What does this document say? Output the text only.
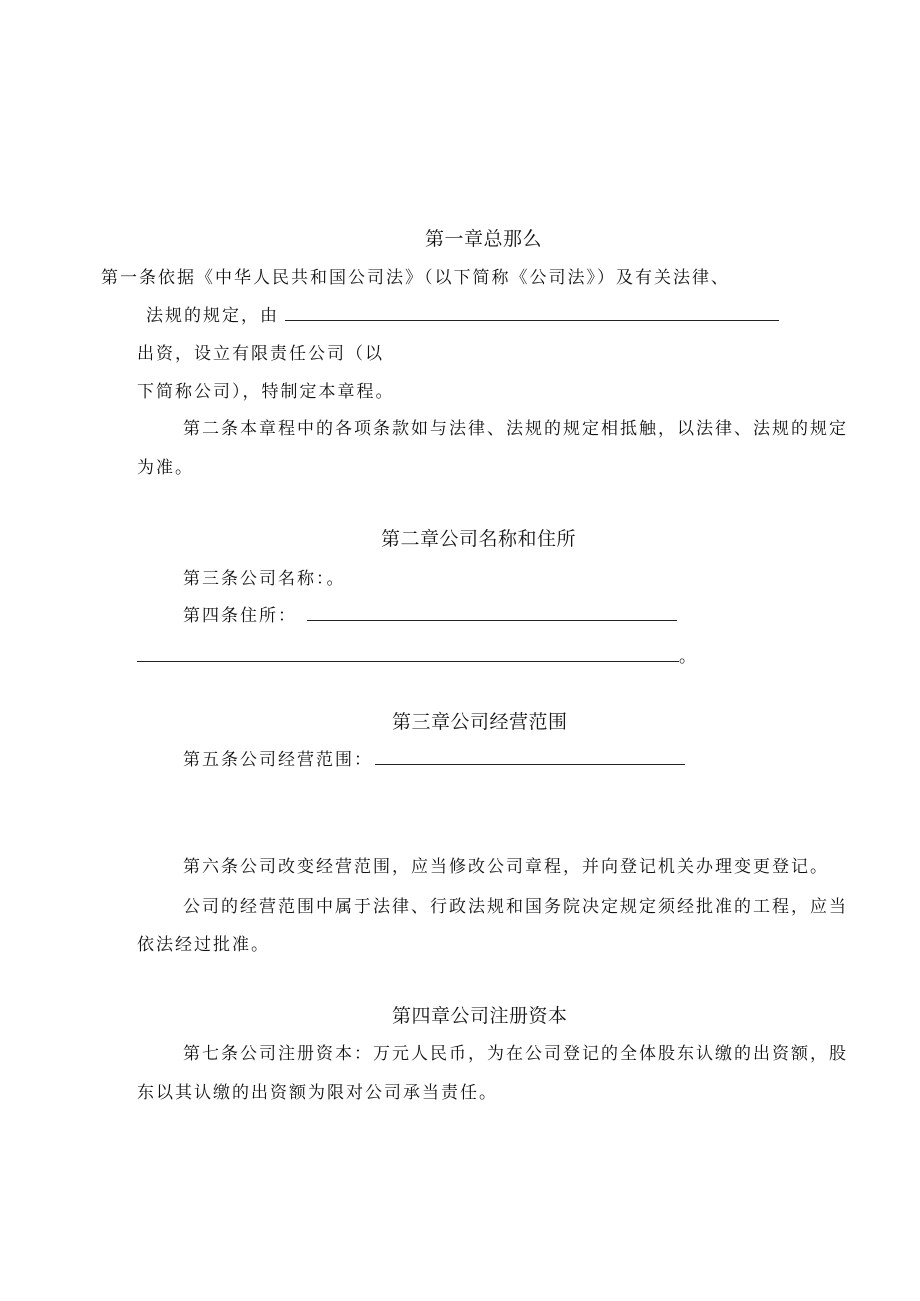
第一章总那么
第一条依据《中华人民共和国公司法》（以下简称《公司法》）及有关法律、
法规的规定，由
出资，设立有限责任公司（以
下简称公司），特制定本章程。
第二条本章程中的各项条款如与法律、法规的规定相抵触，以法律、法规的规定
为准。
第二章公司名称和住所
第三条公司名称：。
第四条住所：
。
第三章公司经营范围
第五条公司经营范围：
第六条公司改变经营范围，应当修改公司章程，并向登记机关办理变更登记。
公司的经营范围中属于法律、行政法规和国务院决定规定须经批准的工程，应当
依法经过批准。
第四章公司注册资本
第七条公司注册资本：万元人民币，为在公司登记的全体股东认缴的出资额，股
东以其认缴的出资额为限对公司承当责任。
